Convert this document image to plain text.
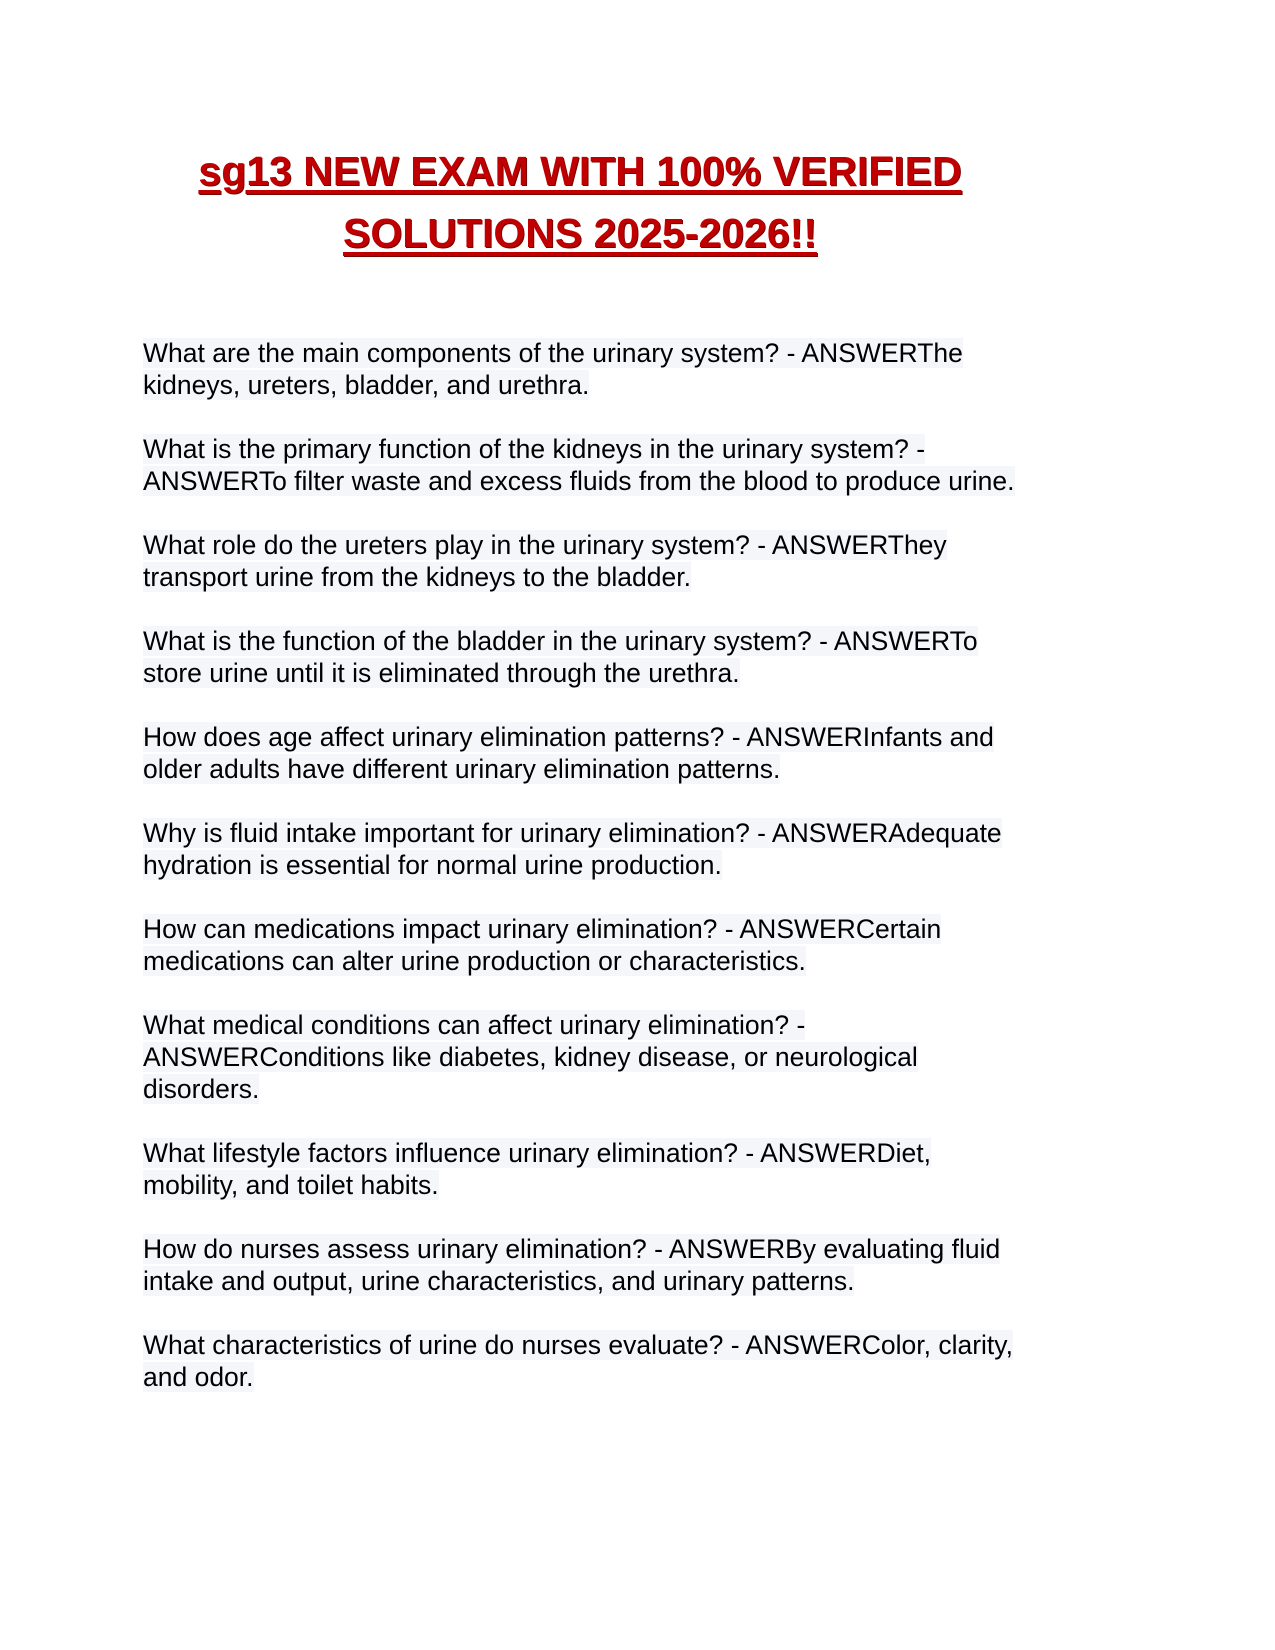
sg13 NEW EXAM WITH 100% VERIFIED
SOLUTIONS 2025-2026!!
What are the main components of the urinary system? - ANSWERThe
kidneys, ureters, bladder, and urethra.
What is the primary function of the kidneys in the urinary system? -
ANSWERTo filter waste and excess fluids from the blood to produce urine.
What role do the ureters play in the urinary system? - ANSWERThey
transport urine from the kidneys to the bladder.
What is the function of the bladder in the urinary system? - ANSWERTo
store urine until it is eliminated through the urethra.
How does age affect urinary elimination patterns? - ANSWERInfants and
older adults have different urinary elimination patterns.
Why is fluid intake important for urinary elimination? - ANSWERAdequate
hydration is essential for normal urine production.
How can medications impact urinary elimination? - ANSWERCertain
medications can alter urine production or characteristics.
What medical conditions can affect urinary elimination? -
ANSWERConditions like diabetes, kidney disease, or neurological
disorders.
What lifestyle factors influence urinary elimination? - ANSWERDiet,
mobility, and toilet habits.
How do nurses assess urinary elimination? - ANSWERBy evaluating fluid
intake and output, urine characteristics, and urinary patterns.
What characteristics of urine do nurses evaluate? - ANSWERColor, clarity,
and odor.
